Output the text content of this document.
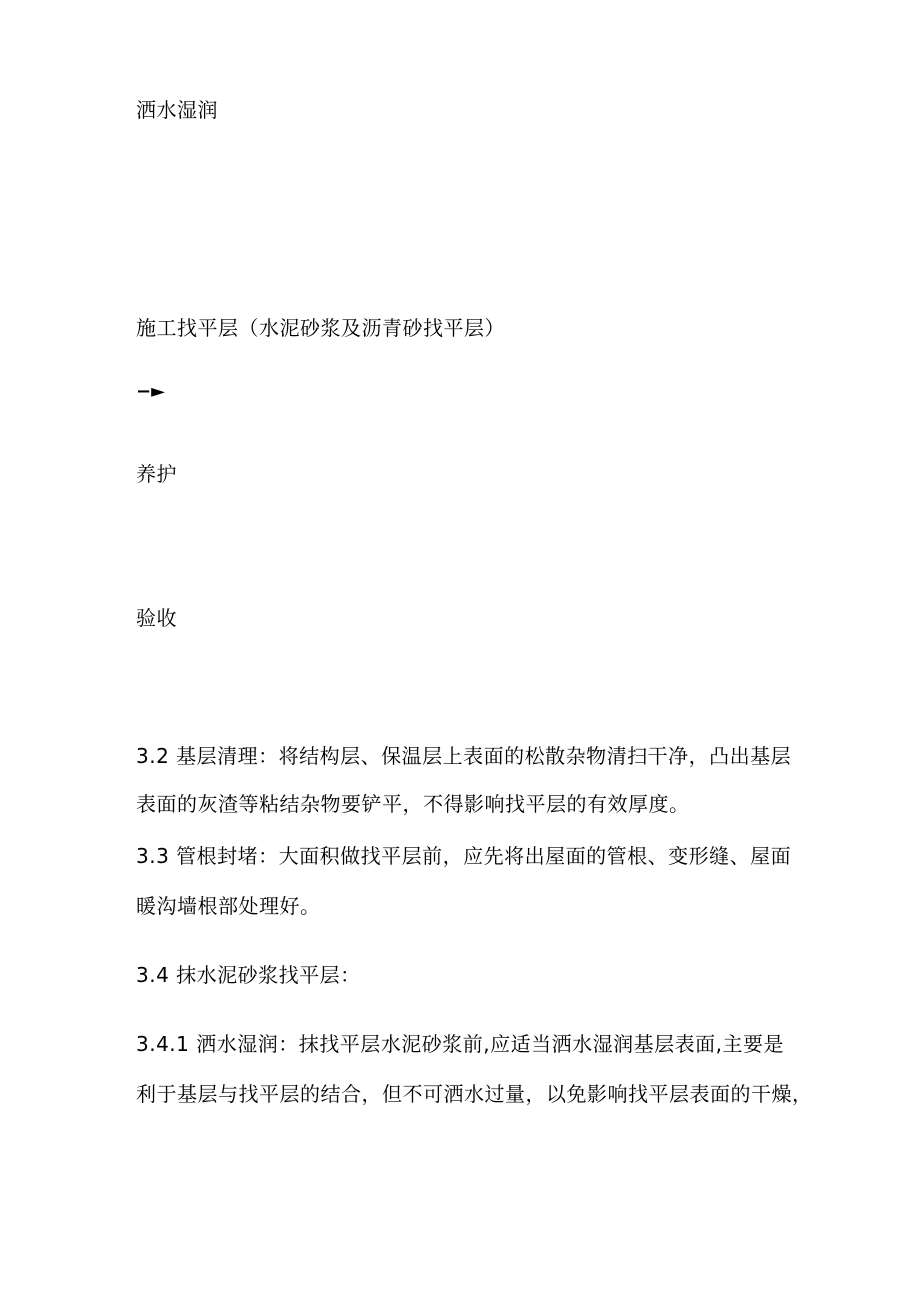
洒水湿润
施工找平层（水泥砂浆及沥青砂找平层）
−►
养护
验收
3.2 基层清理：将结构层、保温层上表面的松散杂物清扫干净，凸出基层
表面的灰渣等粘结杂物要铲平，不得影响找平层的有效厚度。
3.3 管根封堵：大面积做找平层前，应先将出屋面的管根、变形缝、屋面
暖沟墙根部处理好。
3.4 抹水泥砂浆找平层：
3.4.1 洒水湿润：抹找平层水泥砂浆前,应适当洒水湿润基层表面,主要是
利于基层与找平层的结合，但不可洒水过量，以免影响找平层表面的干燥，
